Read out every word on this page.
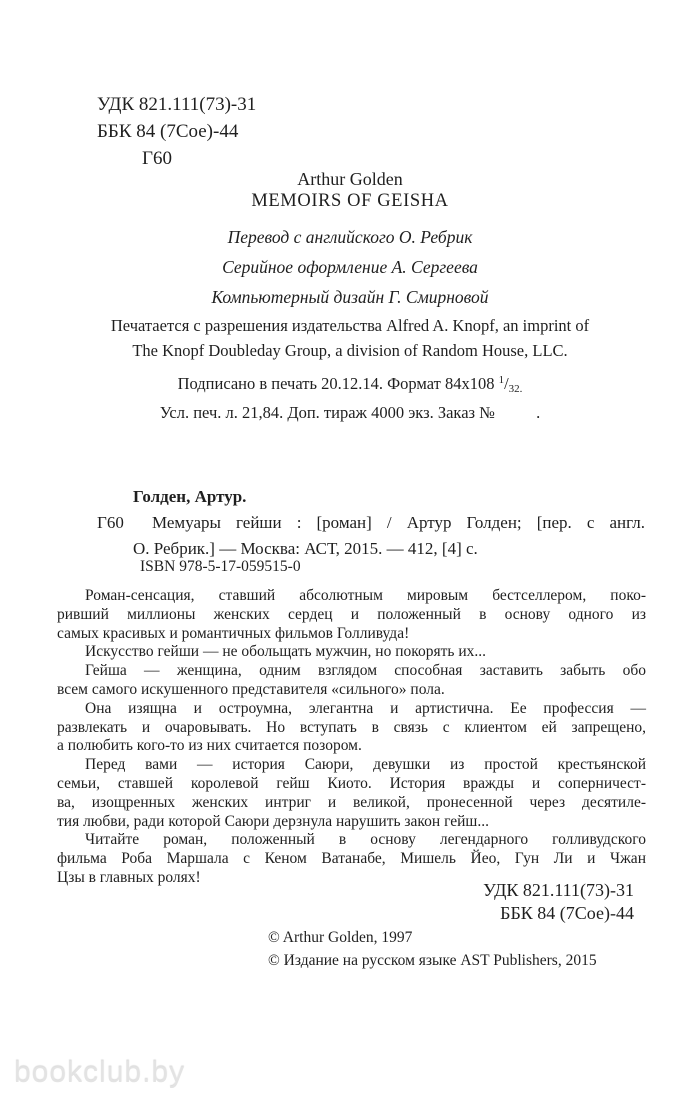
УДК 821.111(73)-31
ББК 84 (7Сое)-44
Г60
Arthur Golden
MEMOIRS OF GEISHA
Перевод с английского О. Ребрик
Серийное оформление А. Сергеева
Компьютерный дизайн Г. Смирновой
Печатается с разрешения издательства Alfred A. Knopf, an imprint of
The Knopf Doubleday Group, a division of Random House, LLC.
Подписано в печать 20.12.14. Формат 84х108 $^1/_{32.}$
Усл. печ. л. 21,84. Доп. тираж 4000 экз. Заказ №          .
Г60
Голден, Артур.
Мемуары гейши : [роман] / Артур Голден; [пер. с англ.
О. Ребрик.] — Москва: АСТ, 2015. — 412, [4] с.
ISBN 978-5-17-059515-0
Роман-сенсация, ставший абсолютным мировым бестселлером, поко-
ривший миллионы женских сердец и положенный в основу одного из
самых красивых и романтичных фильмов Голливуда!
Искусство гейши — не обольщать мужчин, но покорять их...
Гейша — женщина, одним взглядом способная заставить забыть обо
всем самого искушенного представителя «сильного» пола.
Она изящна и остроумна, элегантна и артистична. Ее профессия —
развлекать и очаровывать. Но вступать в связь с клиентом ей запрещено,
а полюбить кого-то из них считается позором.
Перед вами — история Саюри, девушки из простой крестьянской
семьи, ставшей королевой гейш Киото. История вражды и соперничест-
ва, изощренных женских интриг и великой, пронесенной через десятиле-
тия любви, ради которой Саюри дерзнула нарушить закон гейш...
Читайте роман, положенный в основу легендарного голливудского
фильма Роба Маршала с Кеном Ватанабе, Мишель Йео, Гун Ли и Чжан
Цзы в главных ролях!
УДК 821.111(73)-31
ББК 84 (7Сое)-44
© Arthur Golden, 1997
© Издание на русском языке AST Publishers, 2015
bookclub.by
